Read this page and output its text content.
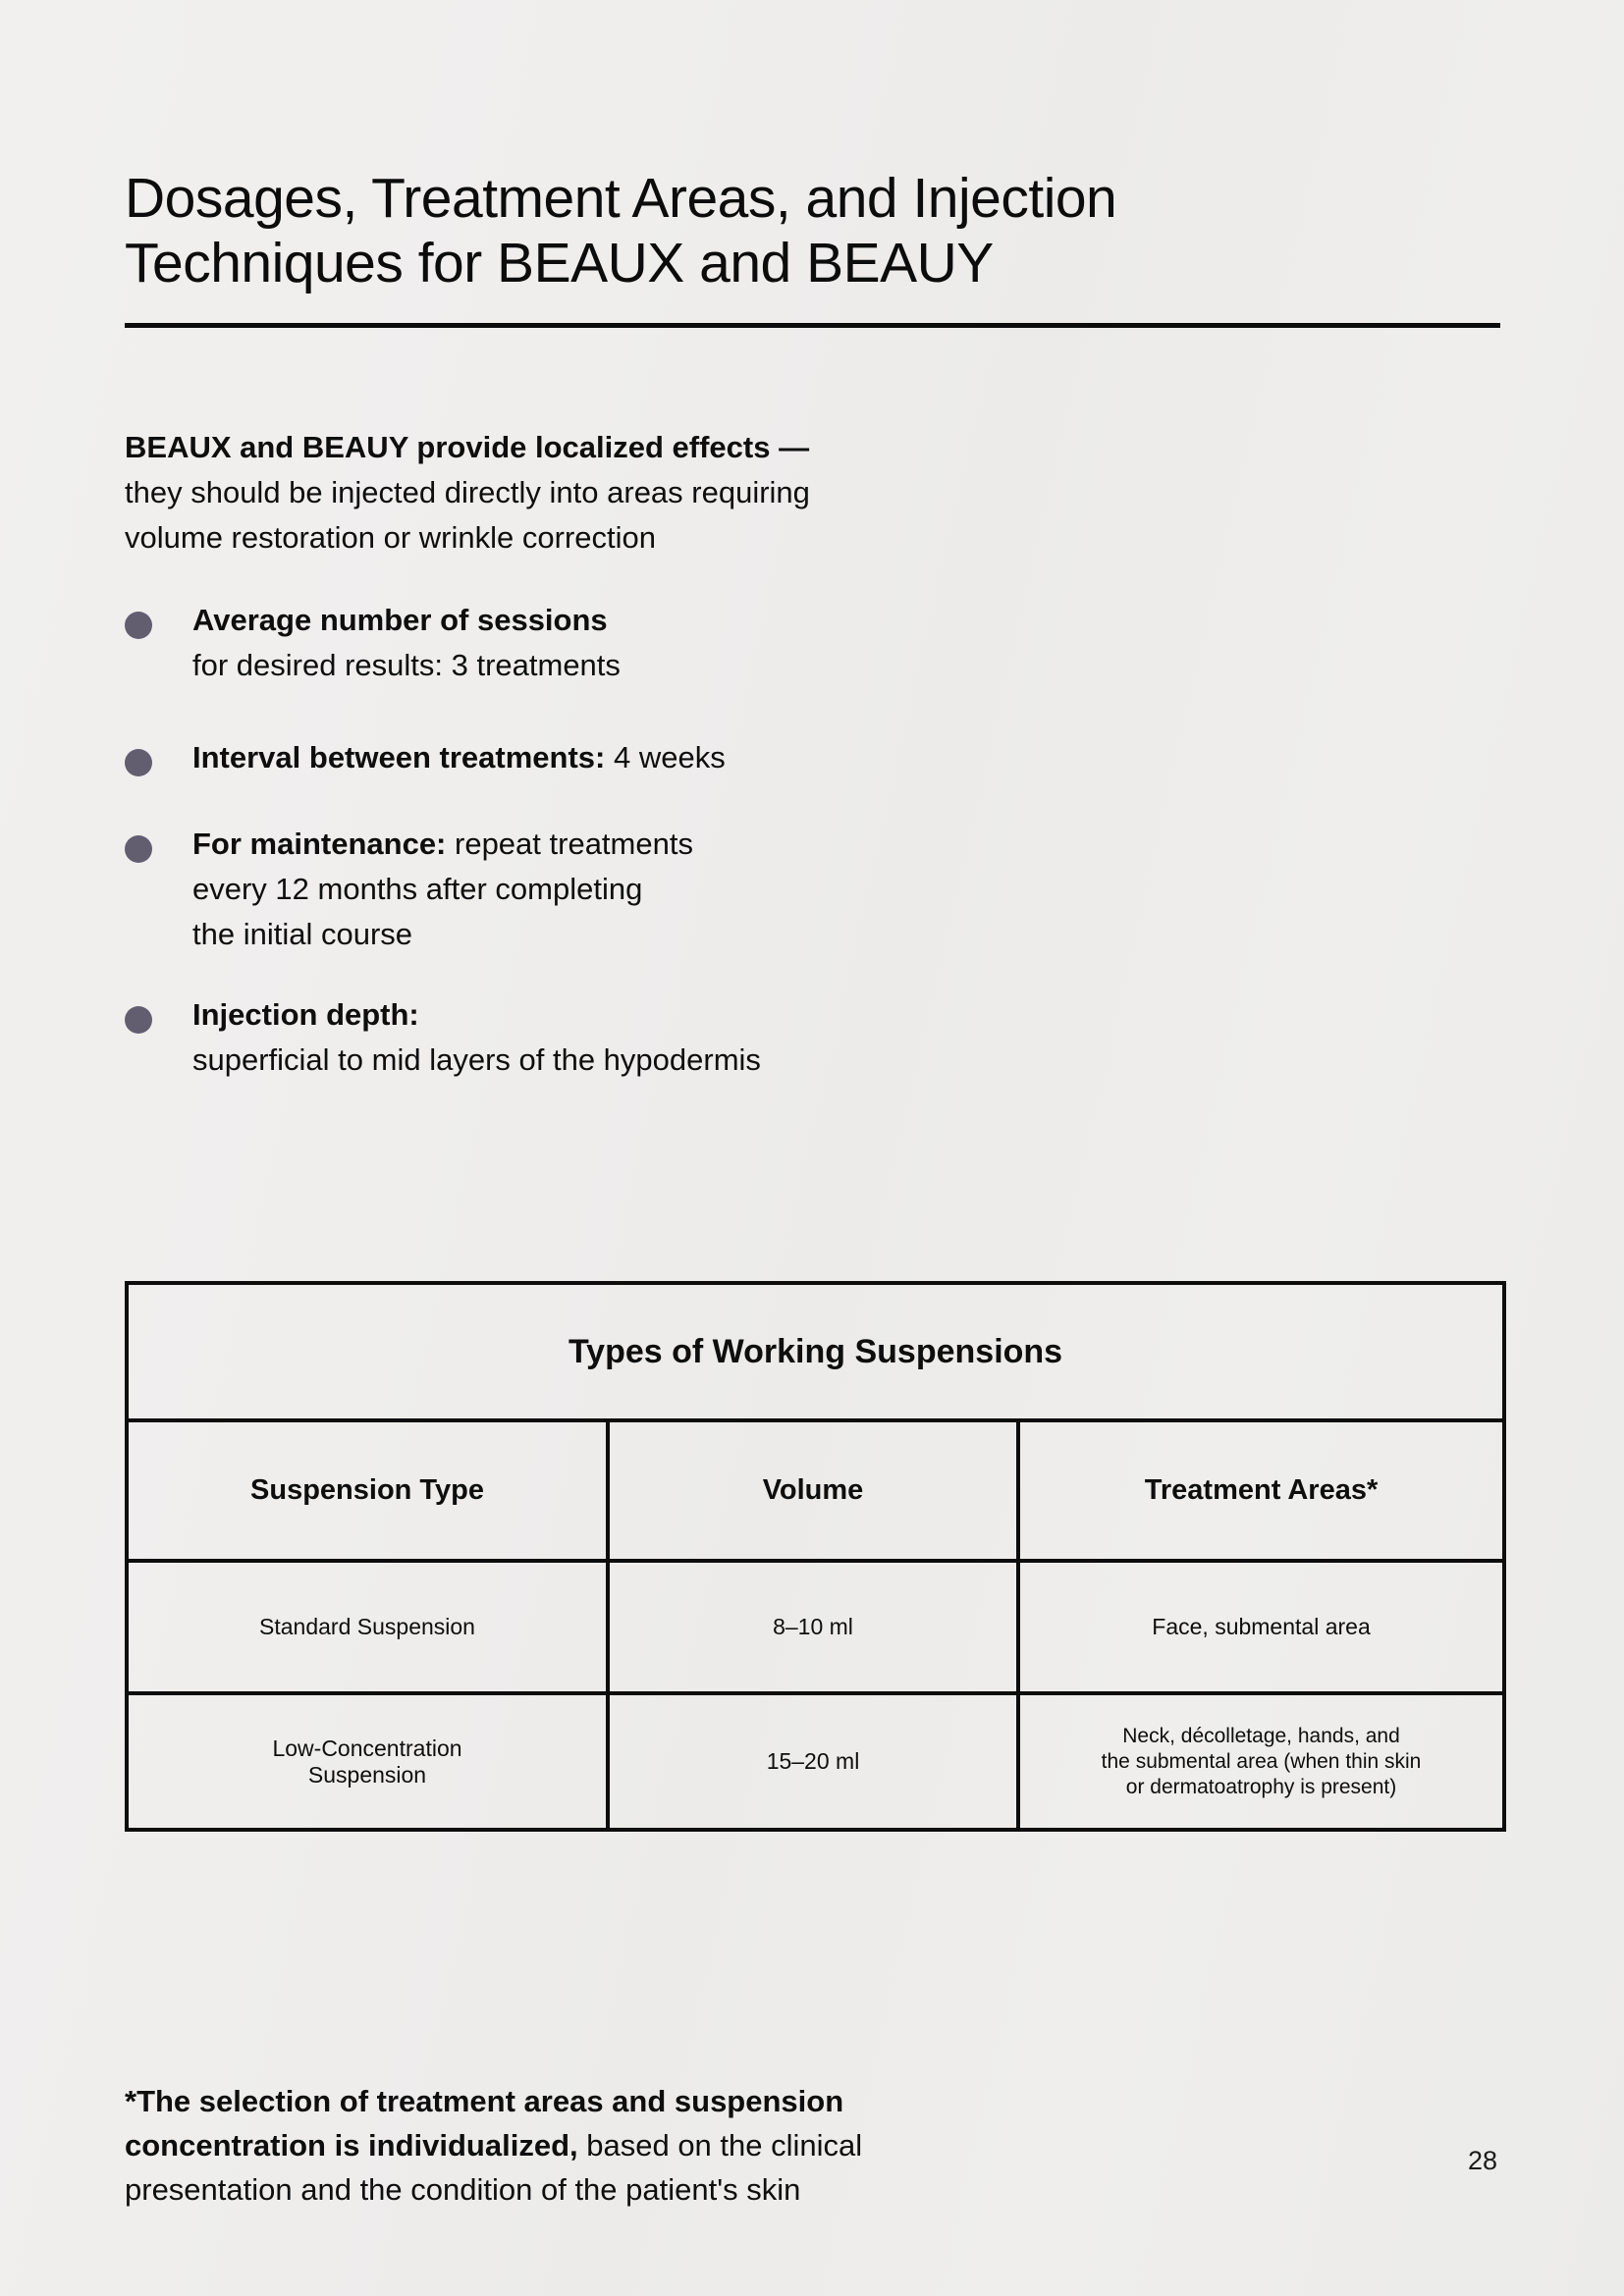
Dosages, Treatment Areas, and Injection
Techniques for BEAUX and BEAUY

BEAUX and BEAUY provide localized effects —
they should be injected directly into areas requiring
volume restoration or wrinkle correction

Average number of sessions
for desired results: 3 treatments
Interval between treatments: 4 weeks
For maintenance: repeat treatments
every 12 months after completing
the initial course
Injection depth:
superficial to mid layers of the hypodermis
Types of Working Suspensions		
Suspension Type	Volume	Treatment Areas*

Standard Suspension	8–10 ml	Face, submental area

Low-Concentration
Suspension	15–20 ml	Neck, décolletage, hands, and
the submental area (when thin skin
or dermatoatrophy is present)

*The selection of treatment areas and suspension
concentration is individualized, based on the clinical
presentation and the condition of the patient's skin

28
